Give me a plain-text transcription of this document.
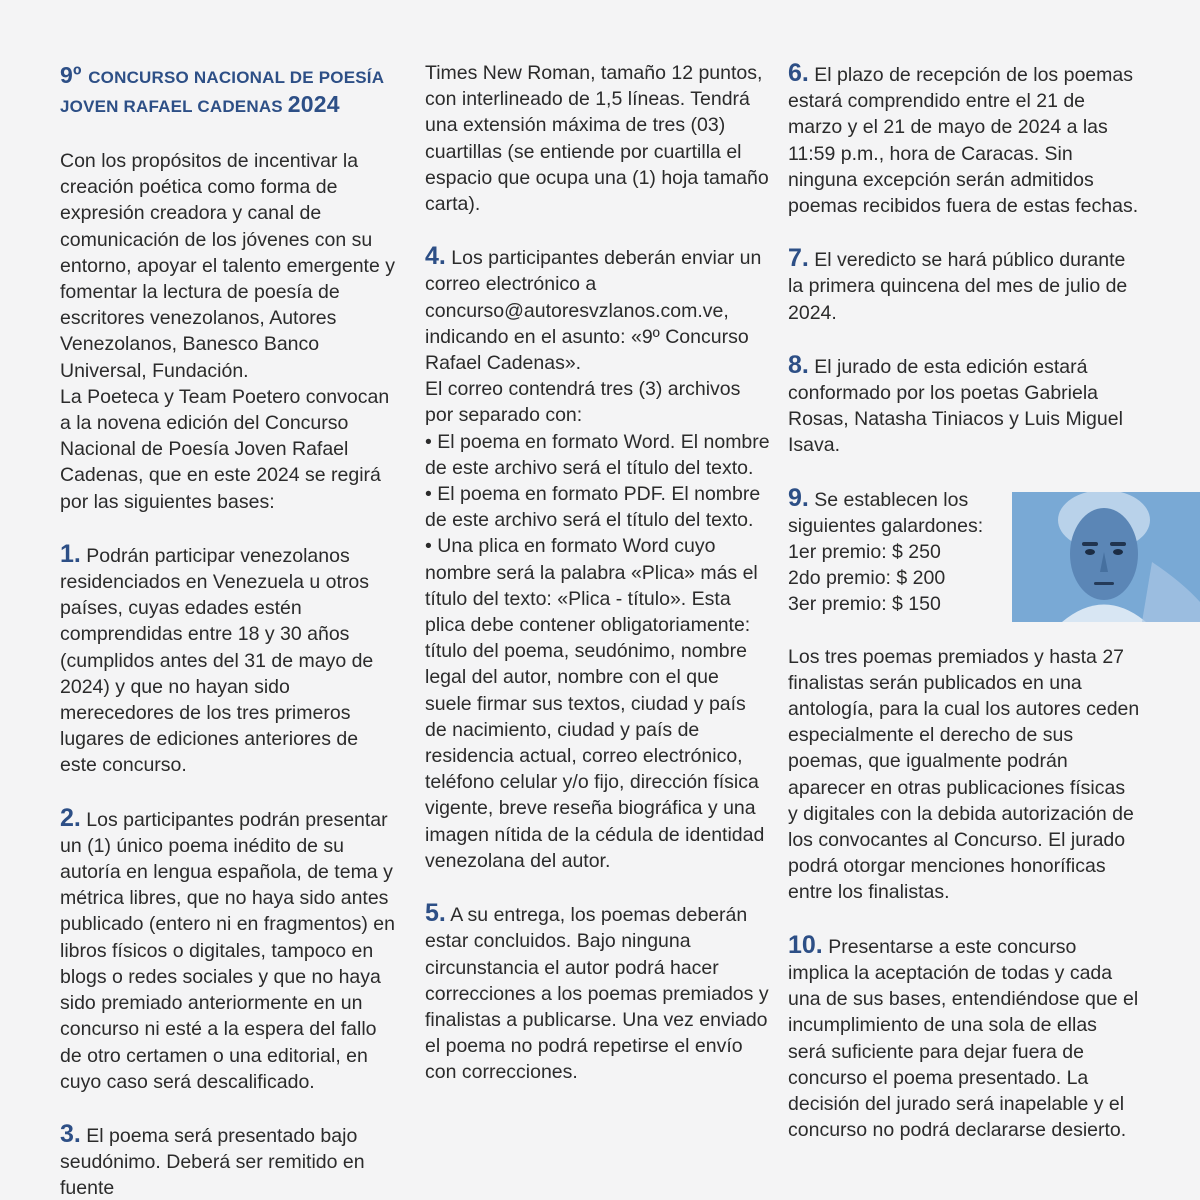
9º CONCURSO NACIONAL DE POESÍA
JOVEN RAFAEL CADENAS 2024

Con los propósitos de incentivar la creación poética como forma de expresión creadora y canal de comunicación de los jóvenes con su entorno, apoyar el talento emergente y fomentar la lectura de poesía de escritores venezolanos, Autores Venezolanos, Banesco Banco Universal, Fundación.

La Poeteca y Team Poetero convocan a la novena edición del Concurso Nacional de Poesía Joven Rafael Cadenas, que en este 2024 se regirá por las siguientes bases:

1. Podrán participar venezolanos residenciados en Venezuela u otros países, cuyas edades estén comprendidas entre 18 y 30 años (cumplidos antes del 31 de mayo de 2024) y que no hayan sido merecedores de los tres primeros lugares de ediciones anteriores de este concurso.

2. Los participantes podrán presentar un (1) único poema inédito de su autoría en lengua española, de tema y métrica libres, que no haya sido antes publicado (entero ni en fragmentos) en libros físicos o digitales, tampoco en blogs o redes sociales y que no haya sido premiado anteriormente en un concurso ni esté a la espera del fallo de otro certamen o una editorial, en cuyo caso será descalificado.

3. El poema será presentado bajo seudónimo. Deberá ser remitido en fuente

Times New Roman, tamaño 12 puntos, con interlineado de 1,5 líneas. Tendrá una extensión máxima de tres (03) cuartillas (se entiende por cuartilla el espacio que ocupa una (1) hoja tamaño carta).

4. Los participantes deberán enviar un correo electrónico a concurso@autoresvzlanos.com.ve, indicando en el asunto: «9º Concurso Rafael Cadenas».

El correo contendrá tres (3) archivos por separado con:

• El poema en formato Word. El nombre de este archivo será el título del texto.

• El poema en formato PDF. El nombre de este archivo será el título del texto.

• Una plica en formato Word cuyo nombre será la palabra «Plica» más el título del texto: «Plica - título». Esta plica debe contener obligatoriamente: título del poema, seudónimo, nombre legal del autor, nombre con el que suele firmar sus textos, ciudad y país de nacimiento, ciudad y país de residencia actual, correo electrónico, teléfono celular y/o fijo, dirección física vigente, breve reseña biográfica y una imagen nítida de la cédula de identidad venezolana del autor.

5. A su entrega, los poemas deberán estar concluidos. Bajo ninguna circunstancia el autor podrá hacer correcciones a los poemas premiados y finalistas a publicarse. Una vez enviado el poema no podrá repetirse el envío con correcciones.

6. El plazo de recepción de los poemas estará comprendido entre el 21 de marzo y el 21 de mayo de 2024 a las 11:59 p.m., hora de Caracas. Sin ninguna excepción serán admitidos poemas recibidos fuera de estas fechas.

7. El veredicto se hará público durante la primera quincena del mes de julio de 2024.

8. El jurado de esta edición estará conformado por los poetas Gabriela Rosas, Natasha Tiniacos y Luis Miguel Isava.

9. Se establecen los siguientes galardones:

1er premio: $ 250

2do premio: $ 200

3er premio: $ 150

Los tres poemas premiados y hasta 27 finalistas serán publicados en una antología, para la cual los autores ceden especialmente el derecho de sus poemas, que igualmente podrán aparecer en otras publicaciones físicas y digitales con la debida autorización de los convocantes al Concurso. El jurado podrá otorgar menciones honoríficas entre los finalistas.

10. Presentarse a este concurso implica la aceptación de todas y cada una de sus bases, entendiéndose que el incumplimiento de una sola de ellas será suficiente para dejar fuera de concurso el poema presentado. La decisión del jurado será inapelable y el concurso no podrá declararse desierto.
